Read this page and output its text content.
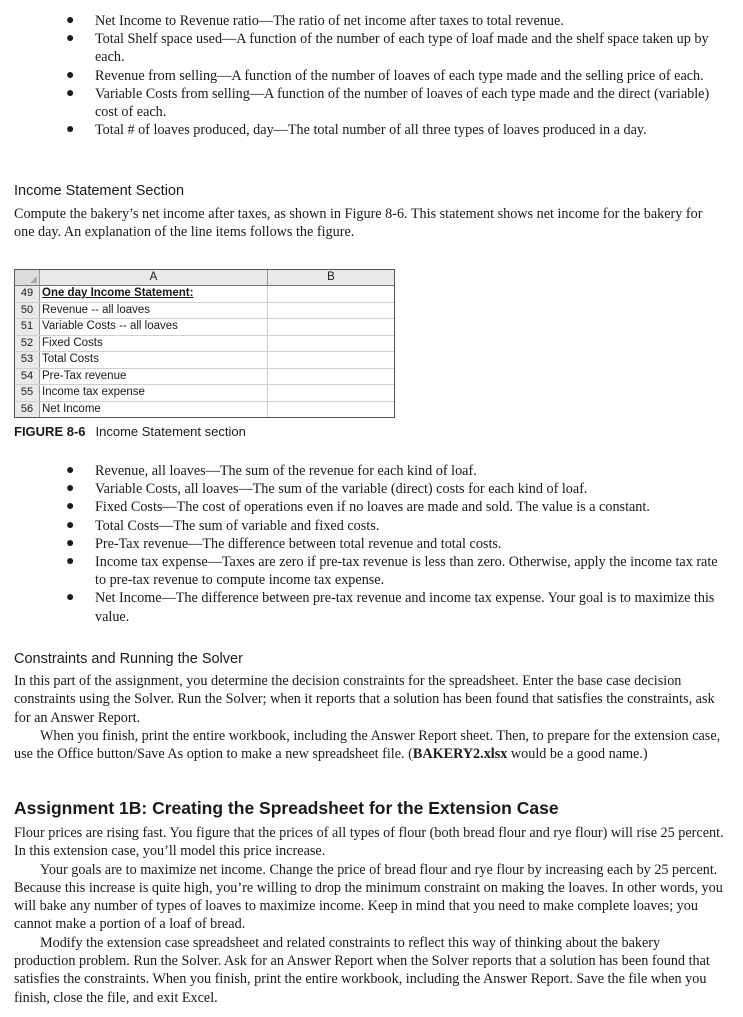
● Net Income to Revenue ratio—The ratio of net income after taxes to total revenue.
● Total Shelf space used—A function of the number of each type of loaf made and the shelf space taken up by each.
● Revenue from selling—A function of the number of loaves of each type made and the selling price of each.
● Variable Costs from selling—A function of the number of loaves of each type made and the direct (variable) cost of each.
● Total # of loaves produced, day—The total number of all three types of loaves produced in a day.
Income Statement Section

Compute the bakery’s net income after taxes, as shown in Figure 8-6. This statement shows net income for the bakery for one day. An explanation of the line items follows the figure.

A	B
49 One day Income Statement:
50 Revenue -- all loaves
51 Variable Costs -- all loaves
52 Fixed Costs
53 Total Costs
54 Pre-Tax revenue
55 Income tax expense
56 Net Income
FIGURE 8-6 Income Statement section
● Revenue, all loaves—The sum of the revenue for each kind of loaf.
● Variable Costs, all loaves—The sum of the variable (direct) costs for each kind of loaf.
● Fixed Costs—The cost of operations even if no loaves are made and sold. The value is a constant.
● Total Costs—The sum of variable and fixed costs.
● Pre-Tax revenue—The difference between total revenue and total costs.
● Income tax expense—Taxes are zero if pre-tax revenue is less than zero. Otherwise, apply the income tax rate to pre-tax revenue to compute income tax expense.
● Net Income—The difference between pre-tax revenue and income tax expense. Your goal is to maximize this value.
Constraints and Running the Solver

In this part of the assignment, you determine the decision constraints for the spreadsheet. Enter the base case decision constraints using the Solver. Run the Solver; when it reports that a solution has been found that satisfies the constraints, ask for an Answer Report.

When you finish, print the entire workbook, including the Answer Report sheet. Then, to prepare for the extension case, use the Office button/Save As option to make a new spreadsheet file. (BAKERY2.xlsx would be a good name.)

Assignment 1B: Creating the Spreadsheet for the Extension Case

Flour prices are rising fast. You figure that the prices of all types of flour (both bread flour and rye flour) will rise 25 percent. In this extension case, you’ll model this price increase.

Your goals are to maximize net income. Change the price of bread flour and rye flour by increasing each by 25 percent. Because this increase is quite high, you’re willing to drop the minimum constraint on making the loaves. In other words, you will bake any number of types of loaves to maximize income. Keep in mind that you need to make complete loaves; you cannot make a portion of a loaf of bread.

Modify the extension case spreadsheet and related constraints to reflect this way of thinking about the bakery production problem. Run the Solver. Ask for an Answer Report when the Solver reports that a solution has been found that satisfies the constraints. When you finish, print the entire workbook, including the Answer Report. Save the file when you finish, close the file, and exit Excel.
